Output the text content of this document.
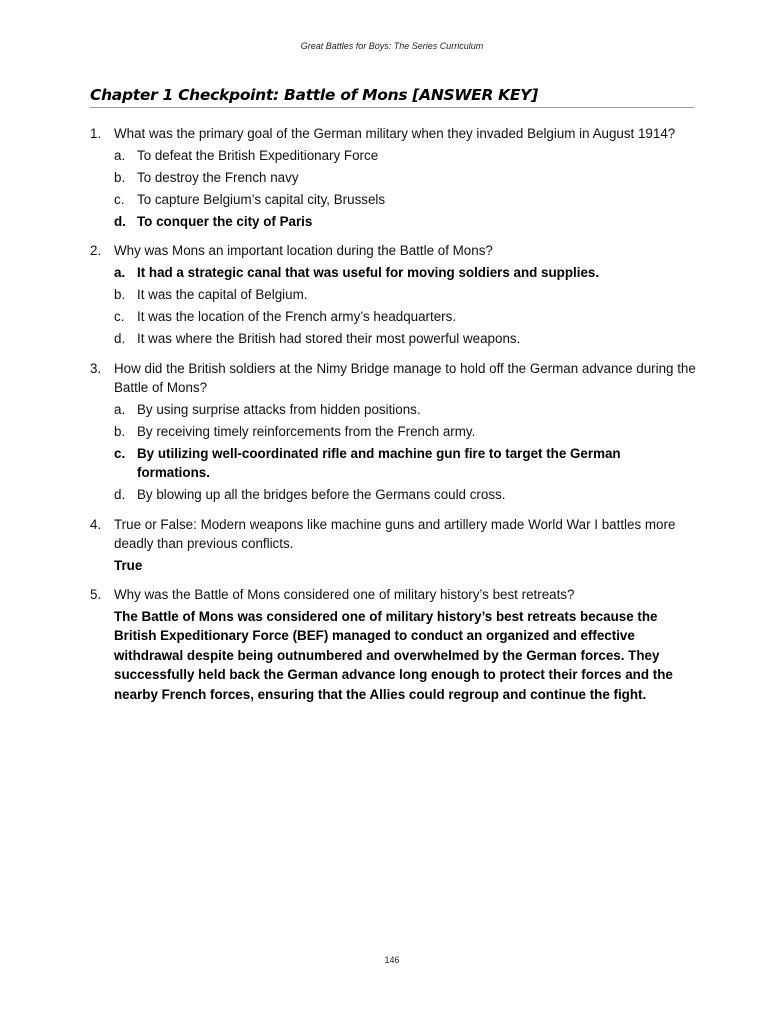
Great Battles for Boys: The Series Curriculum
Chapter 1 Checkpoint: Battle of Mons [ANSWER KEY]
1. What was the primary goal of the German military when they invaded Belgium in August 1914?
a. To defeat the British Expeditionary Force
b. To destroy the French navy
c. To capture Belgium’s capital city, Brussels
d. To conquer the city of Paris
2. Why was Mons an important location during the Battle of Mons?
a. It had a strategic canal that was useful for moving soldiers and supplies.
b. It was the capital of Belgium.
c. It was the location of the French army’s headquarters.
d. It was where the British had stored their most powerful weapons.
3. How did the British soldiers at the Nimy Bridge manage to hold off the German advance during the Battle of Mons?
a. By using surprise attacks from hidden positions.
b. By receiving timely reinforcements from the French army.
c. By utilizing well-coordinated rifle and machine gun fire to target the German formations.
d. By blowing up all the bridges before the Germans could cross.
4. True or False: Modern weapons like machine guns and artillery made World War I battles more deadly than previous conflicts.
True
5. Why was the Battle of Mons considered one of military history’s best retreats?
The Battle of Mons was considered one of military history’s best retreats because the British Expeditionary Force (BEF) managed to conduct an organized and effective withdrawal despite being outnumbered and overwhelmed by the German forces. They successfully held back the German advance long enough to protect their forces and the nearby French forces, ensuring that the Allies could regroup and continue the fight.
146
